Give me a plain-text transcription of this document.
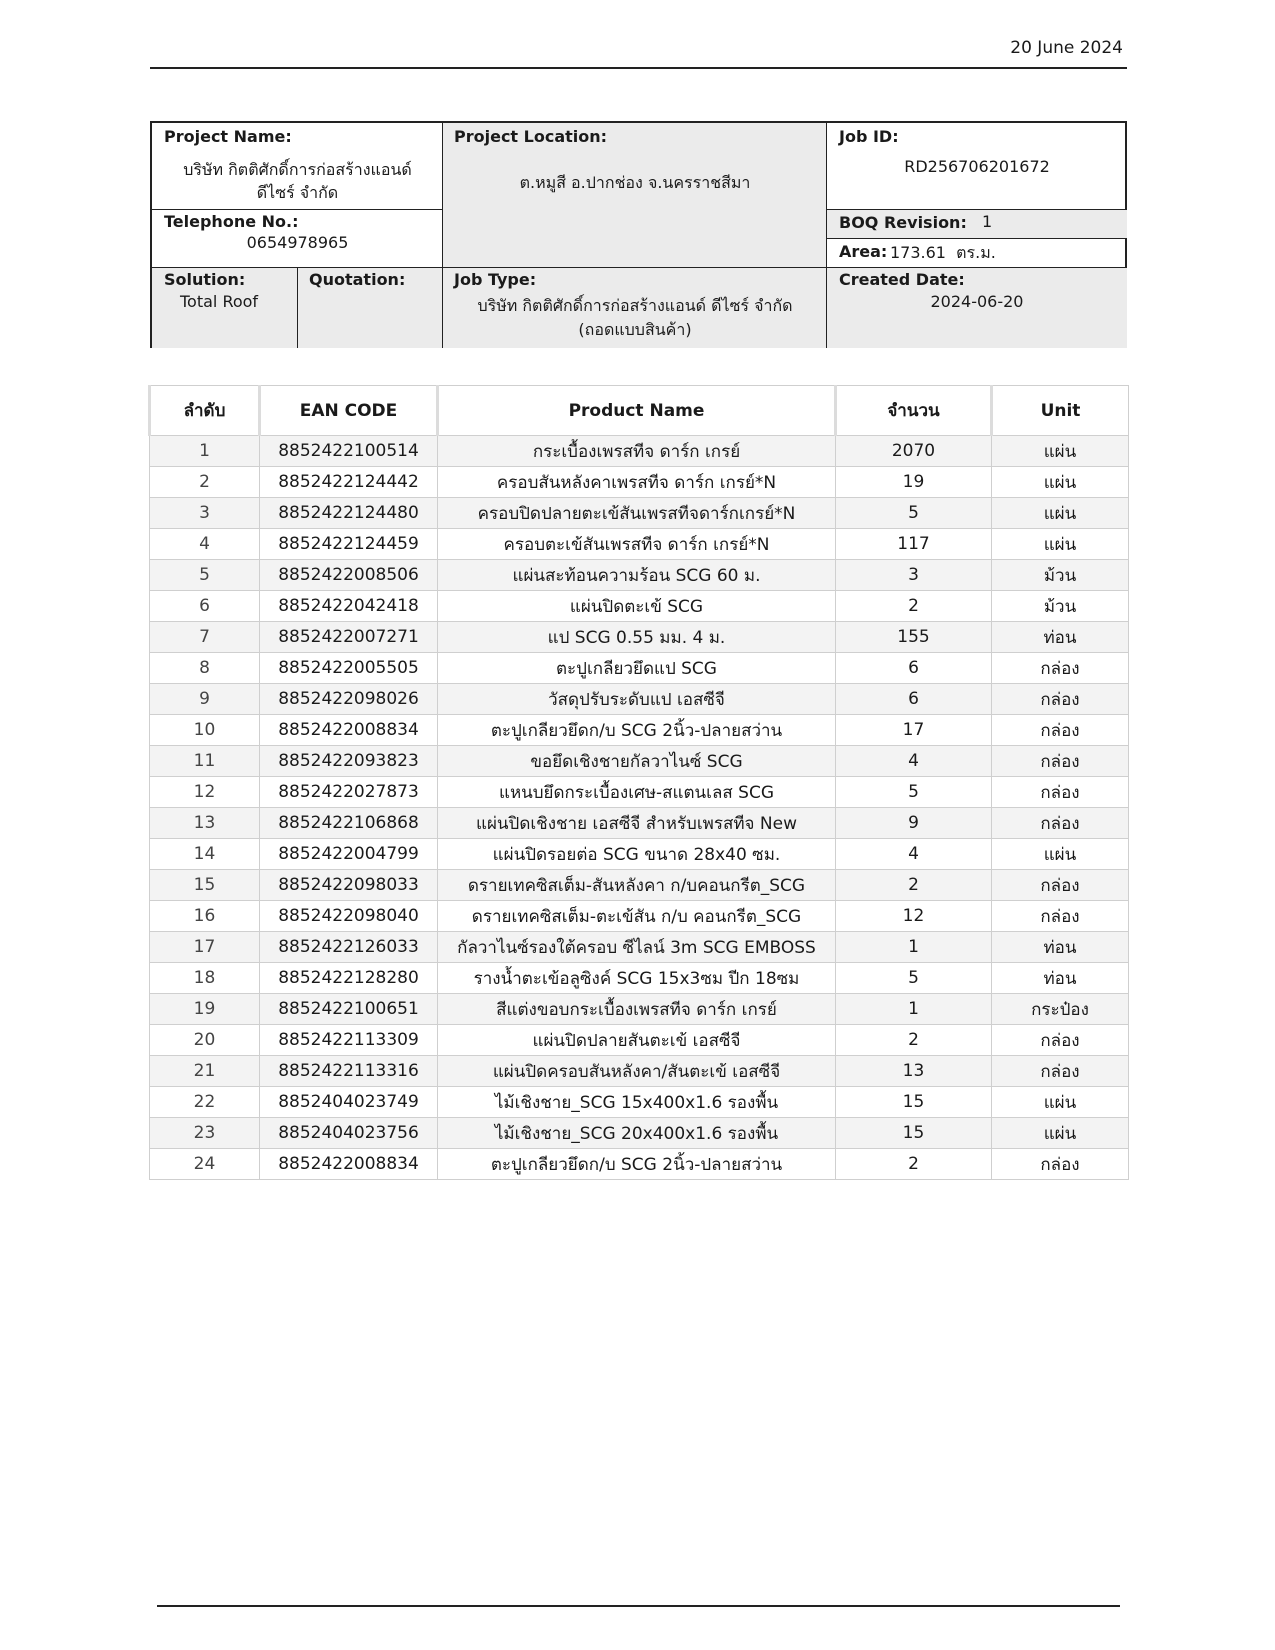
20 June 2024
Project Name:
บริษัท กิตติศักดิ์การก่อสร้างแอนด์
ดีไซร์ จำกัด
Project Location:
ต.หมูสี อ.ปากช่อง จ.นครราชสีมา
Job ID:
RD256706201672
Telephone No.:
0654978965
BOQ Revision: 1
Area: 173.61  ตร.ม.
Solution:
Total Roof
Quotation:	Job Type:
บริษัท กิตติศักดิ์การก่อสร้างแอนด์ ดีไซร์ จำกัด
(ถอดแบบสินค้า)
Created Date:
2024-06-20
ลำดับ	EAN CODE	Product Name	จำนวน	Unit
1	8852422100514	กระเบื้องเพรสทีจ ดาร์ก เกรย์	2070	แผ่น
2	8852422124442	ครอบสันหลังคาเพรสทีจ ดาร์ก เกรย์*N	19	แผ่น
3	8852422124480	ครอบปิดปลายตะเข้สันเพรสทีจดาร์กเกรย์*N	5	แผ่น
4	8852422124459	ครอบตะเข้สันเพรสทีจ ดาร์ก เกรย์*N	117	แผ่น
5	8852422008506	แผ่นสะท้อนความร้อน SCG 60 ม.	3	ม้วน
6	8852422042418	แผ่นปิดตะเข้ SCG	2	ม้วน
7	8852422007271	แป SCG 0.55 มม. 4 ม.	155	ท่อน
8	8852422005505	ตะปูเกลียวยึดแป SCG	6	กล่อง
9	8852422098026	วัสดุปรับระดับแป เอสซีจี	6	กล่อง
10	8852422008834	ตะปูเกลียวยึดก/บ SCG 2นิ้ว-ปลายสว่าน	17	กล่อง
11	8852422093823	ขอยึดเชิงชายกัลวาไนซ์ SCG	4	กล่อง
12	8852422027873	แหนบยึดกระเบื้องเศษ-สแตนเลส SCG	5	กล่อง
13	8852422106868	แผ่นปิดเชิงชาย เอสซีจี สำหรับเพรสทีจ New	9	กล่อง
14	8852422004799	แผ่นปิดรอยต่อ SCG ขนาด 28x40 ซม.	4	แผ่น
15	8852422098033	ดรายเทคซิสเต็ม-สันหลังคา ก/บคอนกรีต_SCG	2	กล่อง
16	8852422098040	ดรายเทคซิสเต็ม-ตะเข้สัน ก/บ คอนกรีต_SCG	12	กล่อง
17	8852422126033	กัลวาไนซ์รองใต้ครอบ ซีไลน์ 3m SCG EMBOSS	1	ท่อน
18	8852422128280	รางน้ำตะเข้อลูซิงค์ SCG 15x3ซม ปีก 18ซม	5	ท่อน
19	8852422100651	สีแต่งขอบกระเบื้องเพรสทีจ ดาร์ก เกรย์	1	กระป๋อง
20	8852422113309	แผ่นปิดปลายสันตะเข้ เอสซีจี	2	กล่อง
21	8852422113316	แผ่นปิดครอบสันหลังคา/สันตะเข้ เอสซีจี	13	กล่อง
22	8852404023749	ไม้เชิงชาย_SCG 15x400x1.6 รองพื้น	15	แผ่น
23	8852404023756	ไม้เชิงชาย_SCG 20x400x1.6 รองพื้น	15	แผ่น
24	8852422008834	ตะปูเกลียวยึดก/บ SCG 2นิ้ว-ปลายสว่าน	2	กล่อง
